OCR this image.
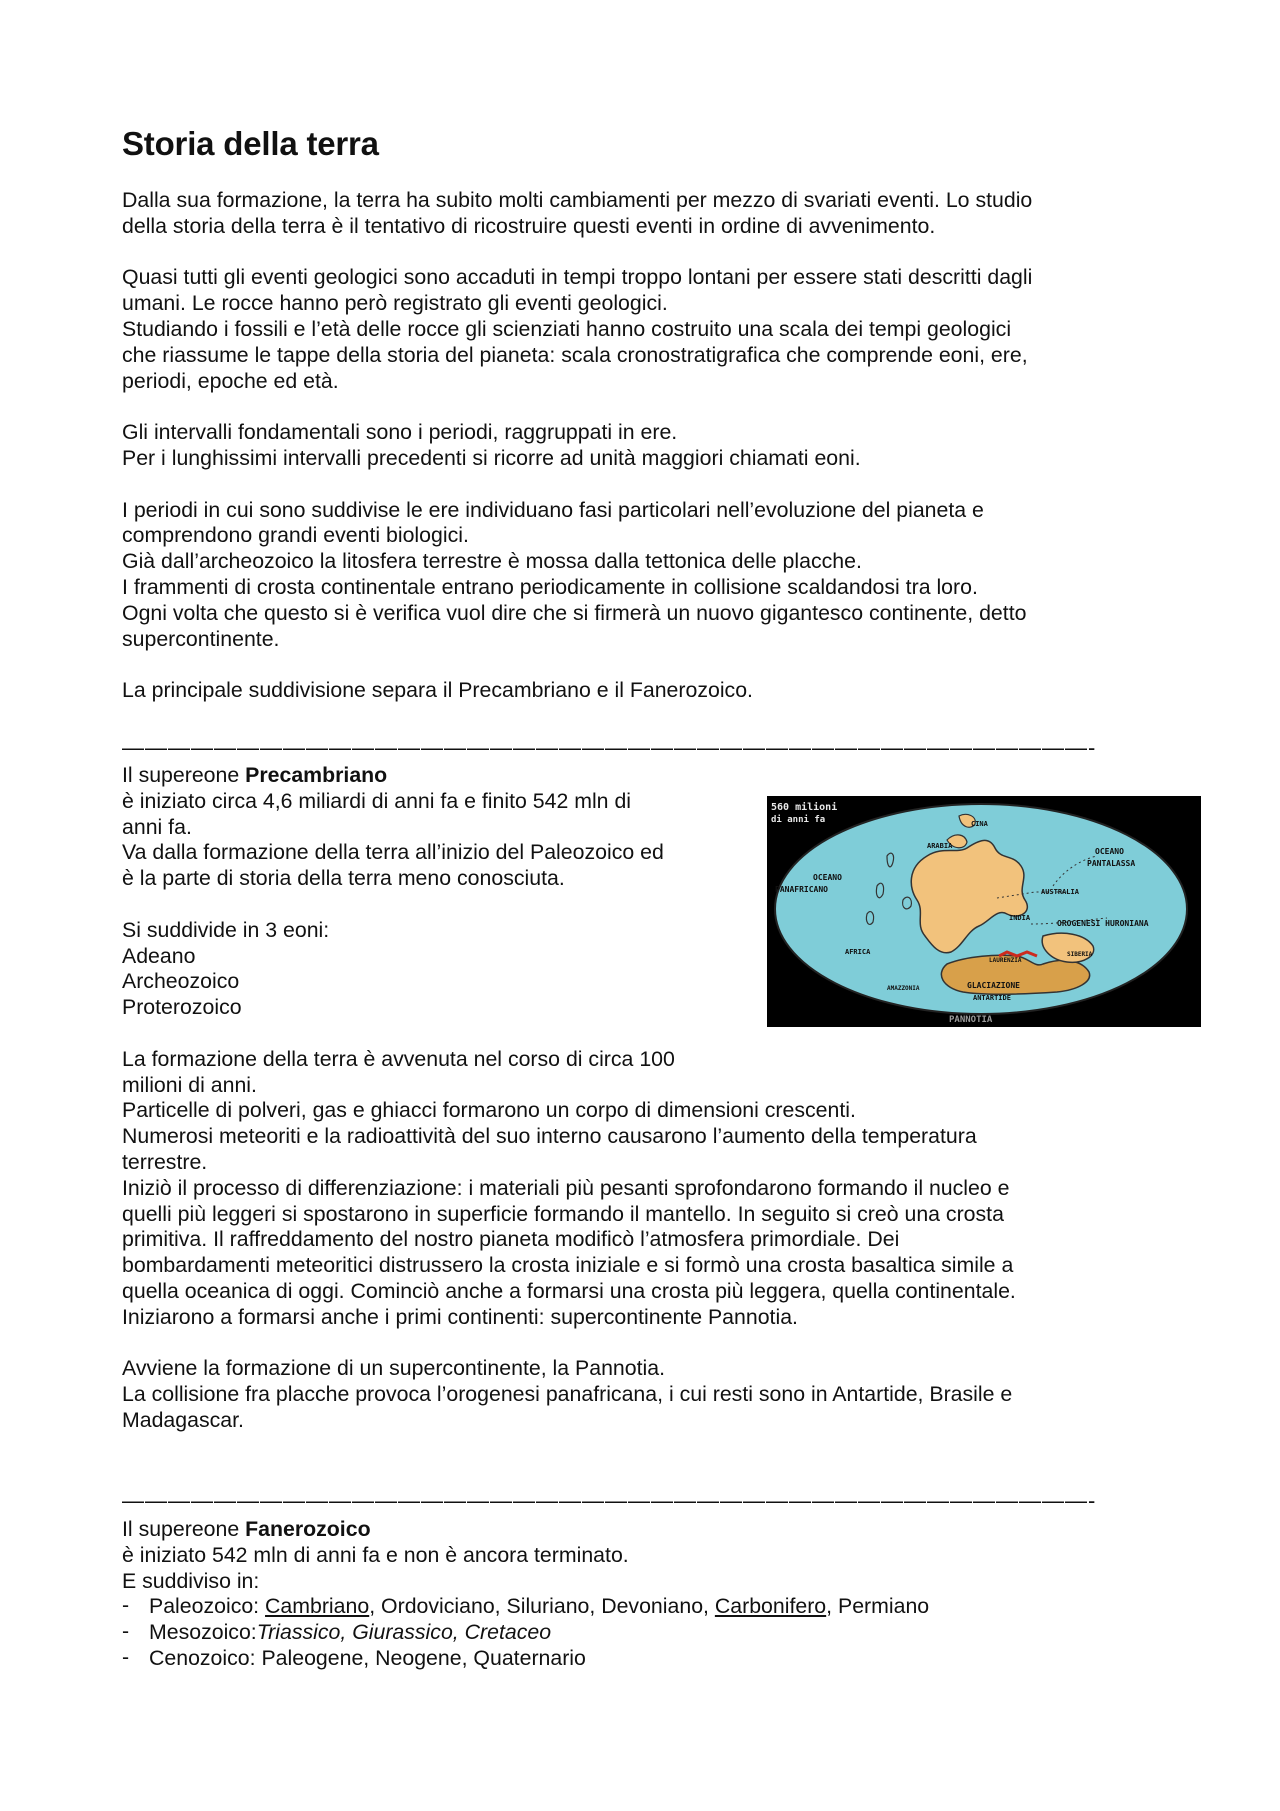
Storia della terra

Dalla sua formazione, la terra ha subito molti cambiamenti per mezzo di svariati eventi. Lo studio

della storia della terra è il tentativo di ricostruire questi eventi in ordine di avvenimento.

Quasi tutti gli eventi geologici sono accaduti in tempi troppo lontani per essere stati descritti dagli

umani. Le rocce hanno però registrato gli eventi geologici.

Studiando i fossili e l’età delle rocce gli scienziati hanno costruito una scala dei tempi geologici

che riassume le tappe della storia del pianeta: scala cronostratigrafica che comprende eoni, ere,

periodi, epoche ed età.

Gli intervalli fondamentali sono i periodi, raggruppati in ere.

Per i lunghissimi intervalli precedenti si ricorre ad unità maggiori chiamati eoni.

I periodi in cui sono suddivise le ere individuano fasi particolari nell’evoluzione del pianeta e

comprendono grandi eventi biologici.

Già dall’archeozoico la litosfera terrestre è mossa dalla tettonica delle placche.

I frammenti di crosta continentale entrano periodicamente in collisione scaldandosi tra loro.

Ogni volta che questo si è verifica vuol dire che si firmerà un nuovo gigantesco continente, detto

supercontinente.

La principale suddivisione separa il Precambriano e il Fanerozoico.

——————————————————————————————————————————-

Il supereone Precambriano

è iniziato circa 4,6 miliardi di anni fa e finito 542 mln di

anni fa.

Va dalla formazione della terra all’inizio del Paleozoico ed

è la parte di storia della terra meno conosciuta.

Si suddivide in 3 eoni:

Adeano

Archeozoico

Proterozoico

La formazione della terra è avvenuta nel corso di circa 100

milioni di anni.

Particelle di polveri, gas e ghiacci formarono un corpo di dimensioni crescenti.

Numerosi meteoriti e la radioattività del suo interno causarono l’aumento della temperatura

terrestre.

Iniziò il processo di differenziazione: i materiali più pesanti sprofondarono formando il nucleo e

quelli più leggeri si spostarono in superficie formando il mantello. In seguito si creò una crosta

primitiva. Il raffreddamento del nostro pianeta modificò l’atmosfera primordiale. Dei

bombardamenti meteoritici distrussero la crosta iniziale e si formò una crosta basaltica simile a

quella oceanica di oggi. Cominciò anche a formarsi una crosta più leggera, quella continentale.

Iniziarono a formarsi anche i primi continenti: supercontinente Pannotia.

Avviene la formazione di un supercontinente, la Pannotia.

La collisione fra placche provoca l’orogenesi panafricana, i cui resti sono in Antartide, Brasile e

Madagascar.

——————————————————————————————————————————-

Il supereone Fanerozoico

è iniziato 542 mln di anni fa e non è ancora terminato.

E suddiviso in:

- Paleozoico: Cambriano, Ordoviciano, Siluriano, Devoniano, Carbonifero, Permiano
- Mesozoico:Triassico, Giurassico, Cretaceo
- Cenozoico: Paleogene, Neogene, Quaternario
560 milioni
di anni fa	CINA
ARABIA
OCEANO
PANAFRICANO
OCEANO
PANTALASSA
AUSTRALIA
INDIA
OROGENESI HURONIANA
AFRICA
LAURENZIA
SIBERIA
AMAZZONIA	GLACIAZIONE
ANTARTIDE
PANNOTIA
